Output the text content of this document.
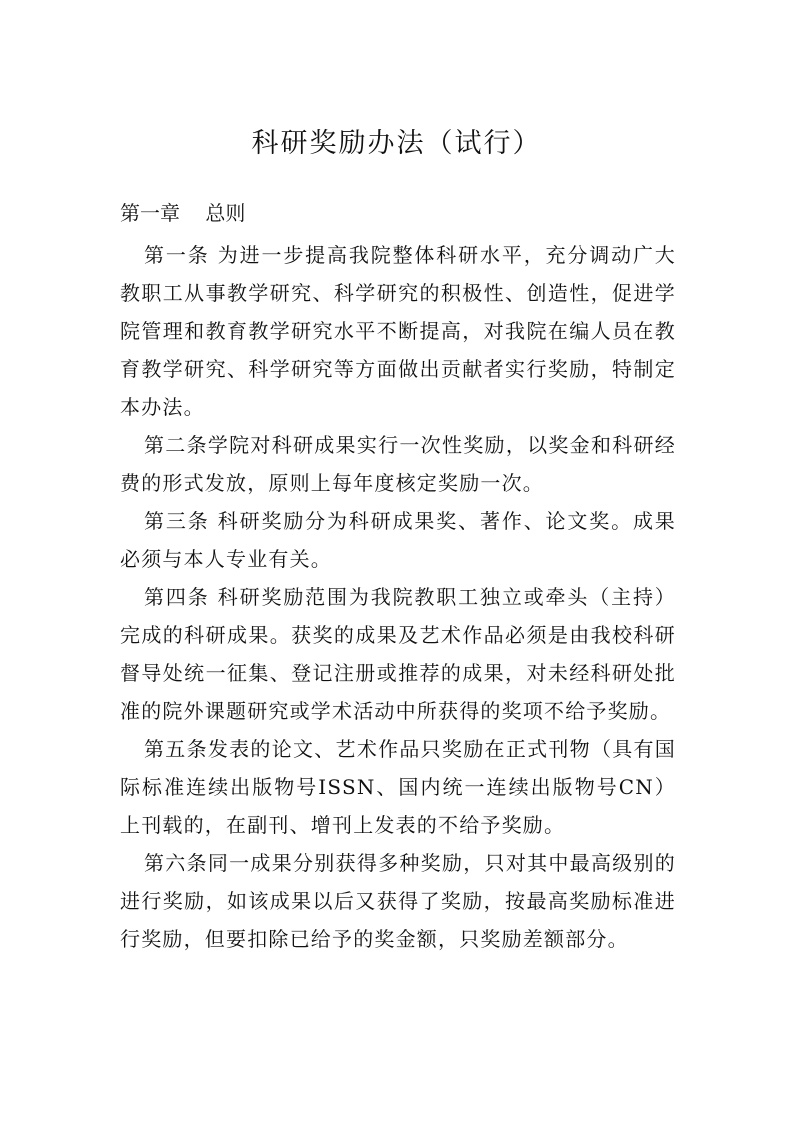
科研奖励办法（试行）

第一章    总则

第一条 为进一步提高我院整体科研水平，充分调动广大教职工从事教学研究、科学研究的积极性、创造性，促进学院管理和教育教学研究水平不断提高，对我院在编人员在教育教学研究、科学研究等方面做出贡献者实行奖励，特制定本办法。

第二条学院对科研成果实行一次性奖励，以奖金和科研经费的形式发放，原则上每年度核定奖励一次。

第三条 科研奖励分为科研成果奖、著作、论文奖。成果必须与本人专业有关。

第四条 科研奖励范围为我院教职工独立或牵头（主持）完成的科研成果。获奖的成果及艺术作品必须是由我校科研督导处统一征集、登记注册或推荐的成果，对未经科研处批准的院外课题研究或学术活动中所获得的奖项不给予奖励。

第五条发表的论文、艺术作品只奖励在正式刊物（具有国际标准连续出版物号ISSN、国内统一连续出版物号CN）上刊载的，在副刊、增刊上发表的不给予奖励。

第六条同一成果分别获得多种奖励，只对其中最高级别的进行奖励，如该成果以后又获得了奖励，按最高奖励标准进行奖励，但要扣除已给予的奖金额，只奖励差额部分。
